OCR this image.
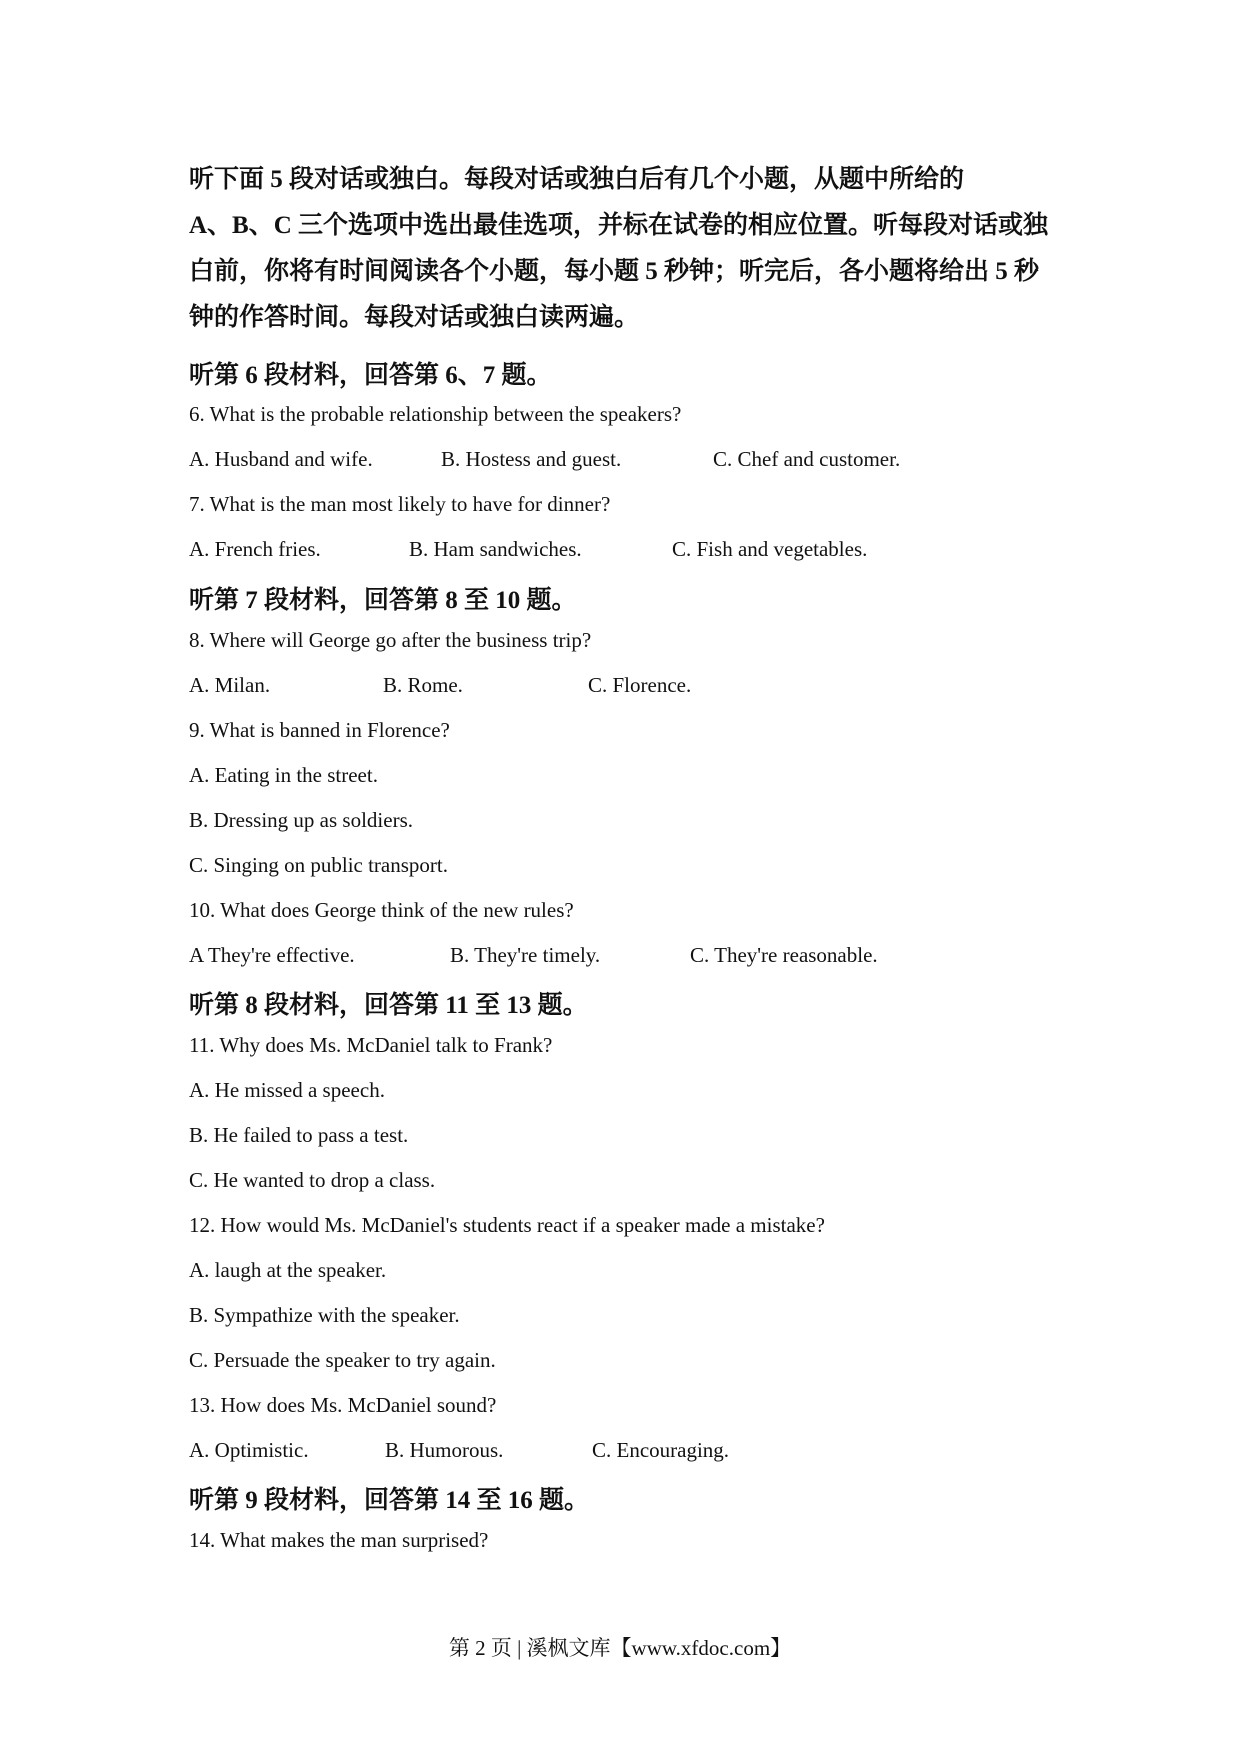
听下面 5 段对话或独白。每段对话或独白后有几个小题，从题中所给的

A、B、C 三个选项中选出最佳选项，并标在试卷的相应位置。听每段对话或独

白前，你将有时间阅读各个小题，每小题 5 秒钟；听完后，各小题将给出 5 秒

钟的作答时间。每段对话或独白读两遍。

听第 6 段材料，回答第 6、7 题。
6. What is the probable relationship between the speakers?
A. Husband and wife.	B. Hostess and guest.	C. Chef and customer.
7. What is the man most likely to have for dinner?
A. French fries.	B. Ham sandwiches.	C. Fish and vegetables.
听第 7 段材料，回答第 8 至 10 题。
8. Where will George go after the business trip?
A. Milan.	B. Rome.	C. Florence.
9. What is banned in Florence?
A. Eating in the street.
B. Dressing up as soldiers.
C. Singing on public transport.
10. What does George think of the new rules?
A They're effective.	B. They're timely.	C. They're reasonable.
听第 8 段材料，回答第 11 至 13 题。
11. Why does Ms. McDaniel talk to Frank?
A. He missed a speech.
B. He failed to pass a test.
C. He wanted to drop a class.
12. How would Ms. McDaniel's students react if a speaker made a mistake?
A. laugh at the speaker.
B. Sympathize with the speaker.
C. Persuade the speaker to try again.
13. How does Ms. McDaniel sound?
A. Optimistic.	B. Humorous.	C. Encouraging.
听第 9 段材料，回答第 14 至 16 题。
14. What makes the man surprised?
第 2 页 | 溪枫文库【www.xfdoc.com】
